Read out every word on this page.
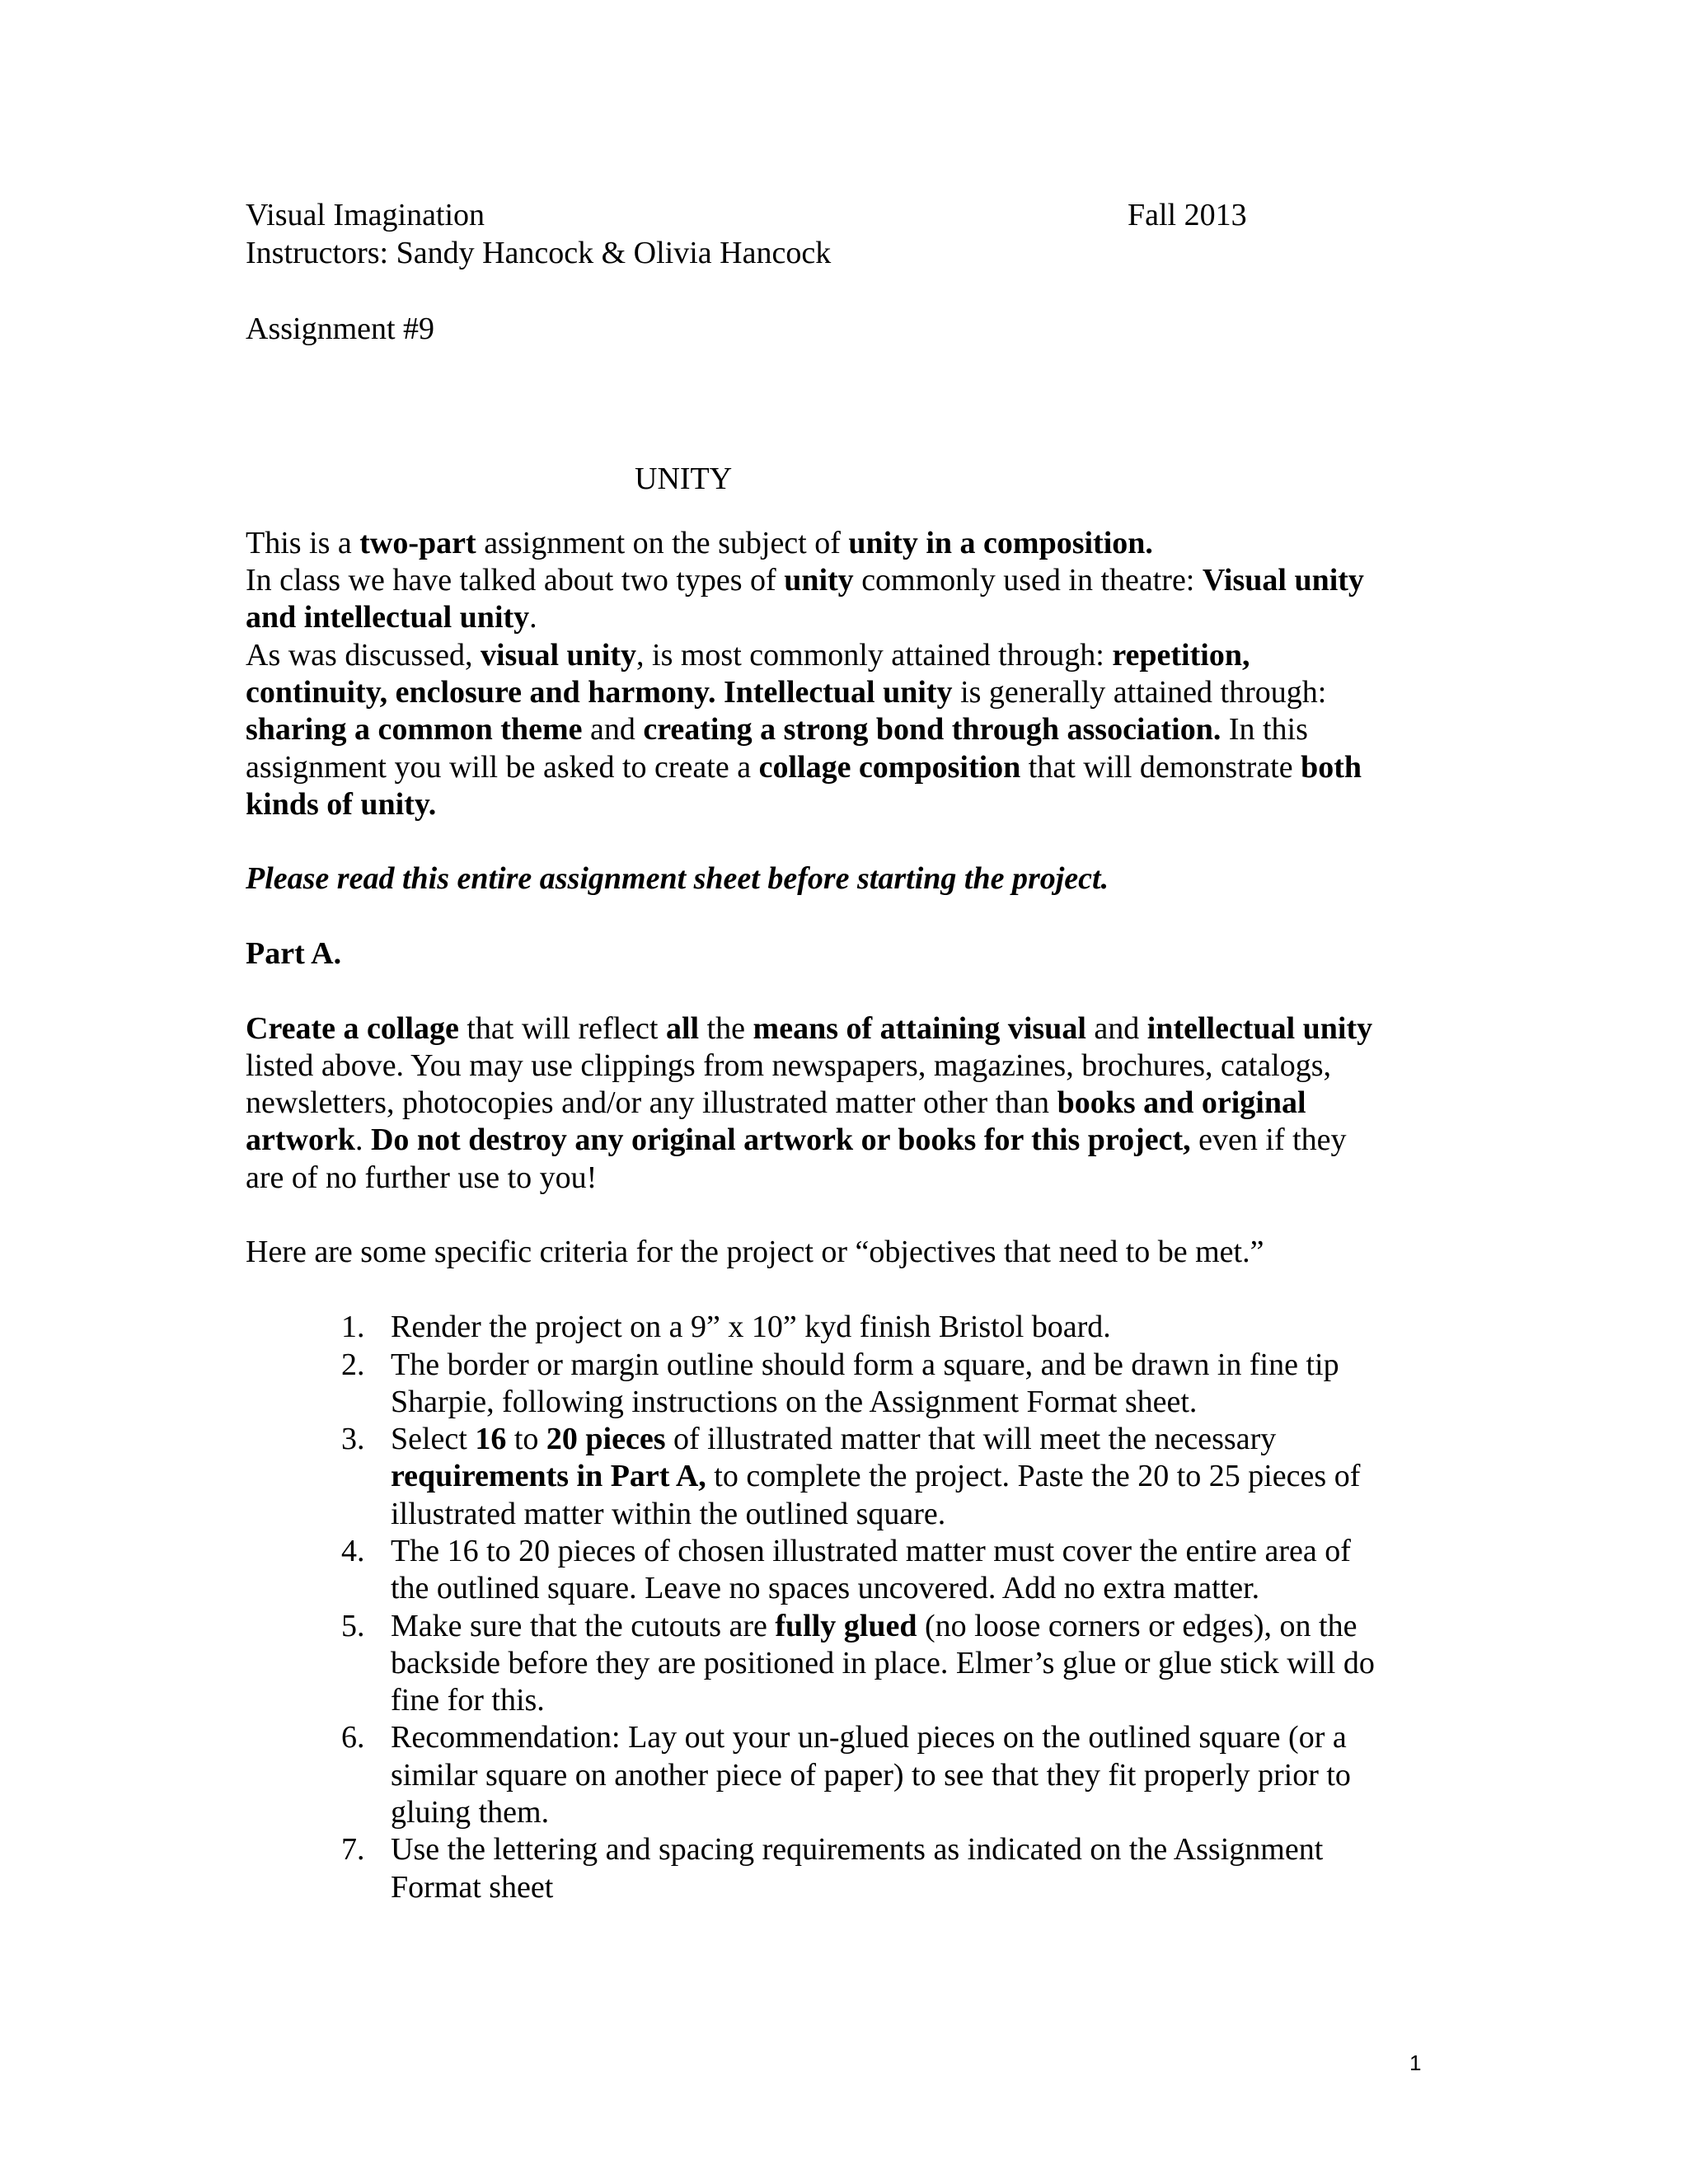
Visual Imagination	Fall 2013
Instructors: Sandy Hancock & Olivia Hancock
Assignment #9
UNITY
This is a two-part assignment on the subject of unity in a composition.
In class we have talked about two types of unity commonly used in theatre: Visual unity
and intellectual unity.
As was discussed, visual unity, is most commonly attained through: repetition,
continuity, enclosure and harmony. Intellectual unity is generally attained through:
sharing a common theme and creating a strong bond through association. In this
assignment you will be asked to create a collage composition that will demonstrate both
kinds of unity.
Please read this entire assignment sheet before starting the project.
Part A.
Create a collage that will reflect all the means of attaining visual and intellectual unity
listed above. You may use clippings from newspapers, magazines, brochures, catalogs,
newsletters, photocopies and/or any illustrated matter other than books and original
artwork. Do not destroy any original artwork or books for this project, even if they
are of no further use to you!
Here are some specific criteria for the project or “objectives that need to be met.”
1. Render the project on a 9” x 10” kyd finish Bristol board.
2. The border or margin outline should form a square, and be drawn in fine tip
Sharpie, following instructions on the Assignment Format sheet.
3. Select 16 to 20 pieces of illustrated matter that will meet the necessary
requirements in Part A, to complete the project. Paste the 20 to 25 pieces of
illustrated matter within the outlined square.
4. The 16 to 20 pieces of chosen illustrated matter must cover the entire area of
the outlined square. Leave no spaces uncovered. Add no extra matter.
5. Make sure that the cutouts are fully glued (no loose corners or edges), on the
backside before they are positioned in place. Elmer’s glue or glue stick will do
fine for this.
6. Recommendation: Lay out your un-glued pieces on the outlined square (or a
similar square on another piece of paper) to see that they fit properly prior to
gluing them.
7. Use the lettering and spacing requirements as indicated on the Assignment
Format sheet
1
